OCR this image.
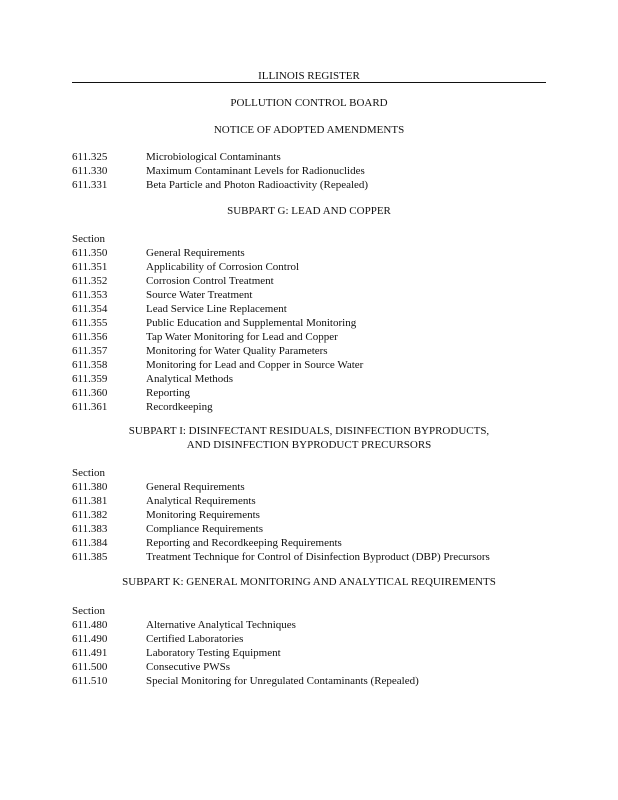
ILLINOIS REGISTER
POLLUTION CONTROL BOARD
NOTICE OF ADOPTED AMENDMENTS
611.325	Microbiological Contaminants
611.330	Maximum Contaminant Levels for Radionuclides
611.331	Beta Particle and Photon Radioactivity (Repealed)
SUBPART G: LEAD AND COPPER
Section
611.350	General Requirements
611.351	Applicability of Corrosion Control
611.352	Corrosion Control Treatment
611.353	Source Water Treatment
611.354	Lead Service Line Replacement
611.355	Public Education and Supplemental Monitoring
611.356	Tap Water Monitoring for Lead and Copper
611.357	Monitoring for Water Quality Parameters
611.358	Monitoring for Lead and Copper in Source Water
611.359	Analytical Methods
611.360	Reporting
611.361	Recordkeeping
SUBPART I: DISINFECTANT RESIDUALS, DISINFECTION BYPRODUCTS,
AND DISINFECTION BYPRODUCT PRECURSORS
Section
611.380	General Requirements
611.381	Analytical Requirements
611.382	Monitoring Requirements
611.383	Compliance Requirements
611.384	Reporting and Recordkeeping Requirements
611.385	Treatment Technique for Control of Disinfection Byproduct (DBP) Precursors
SUBPART K: GENERAL MONITORING AND ANALYTICAL REQUIREMENTS
Section
611.480	Alternative Analytical Techniques
611.490	Certified Laboratories
611.491	Laboratory Testing Equipment
611.500	Consecutive PWSs
611.510	Special Monitoring for Unregulated Contaminants (Repealed)
